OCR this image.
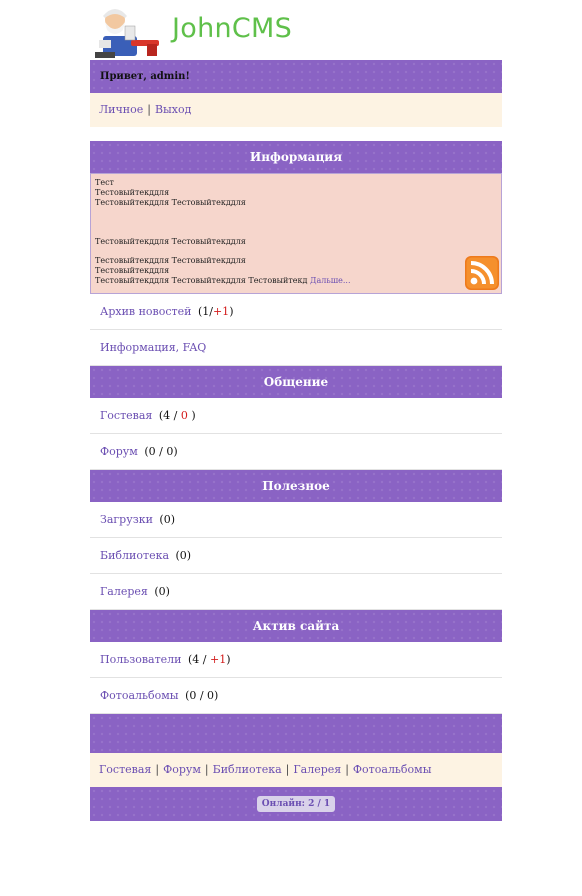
JohnCMS
Привет, admin!
Личное | Выход
Информация
Тест
Тестовыйтекддля
Тестовыйтекддля Тестовыйтекддля
Тестовыйтекддля Тестовыйтекддля
Тестовыйтекддля Тестовыйтекддля
Тестовыйтекддля
Тестовыйтекддля Тестовыйтекддля Тестовыйтекд Дальше...
Архив новостей (1/+1)
Информация, FAQ
Общение
Гостевая (4 / 0 )
Форум (0 / 0)
Полезное
Загрузки (0)
Библиотека (0)
Галерея (0)
Актив сайта
Пользователи (4 / +1)
Фотоальбомы (0 / 0)
Гостевая | Форум | Библиотека | Галерея | Фотоальбомы
Онлайн: 2 / 1
